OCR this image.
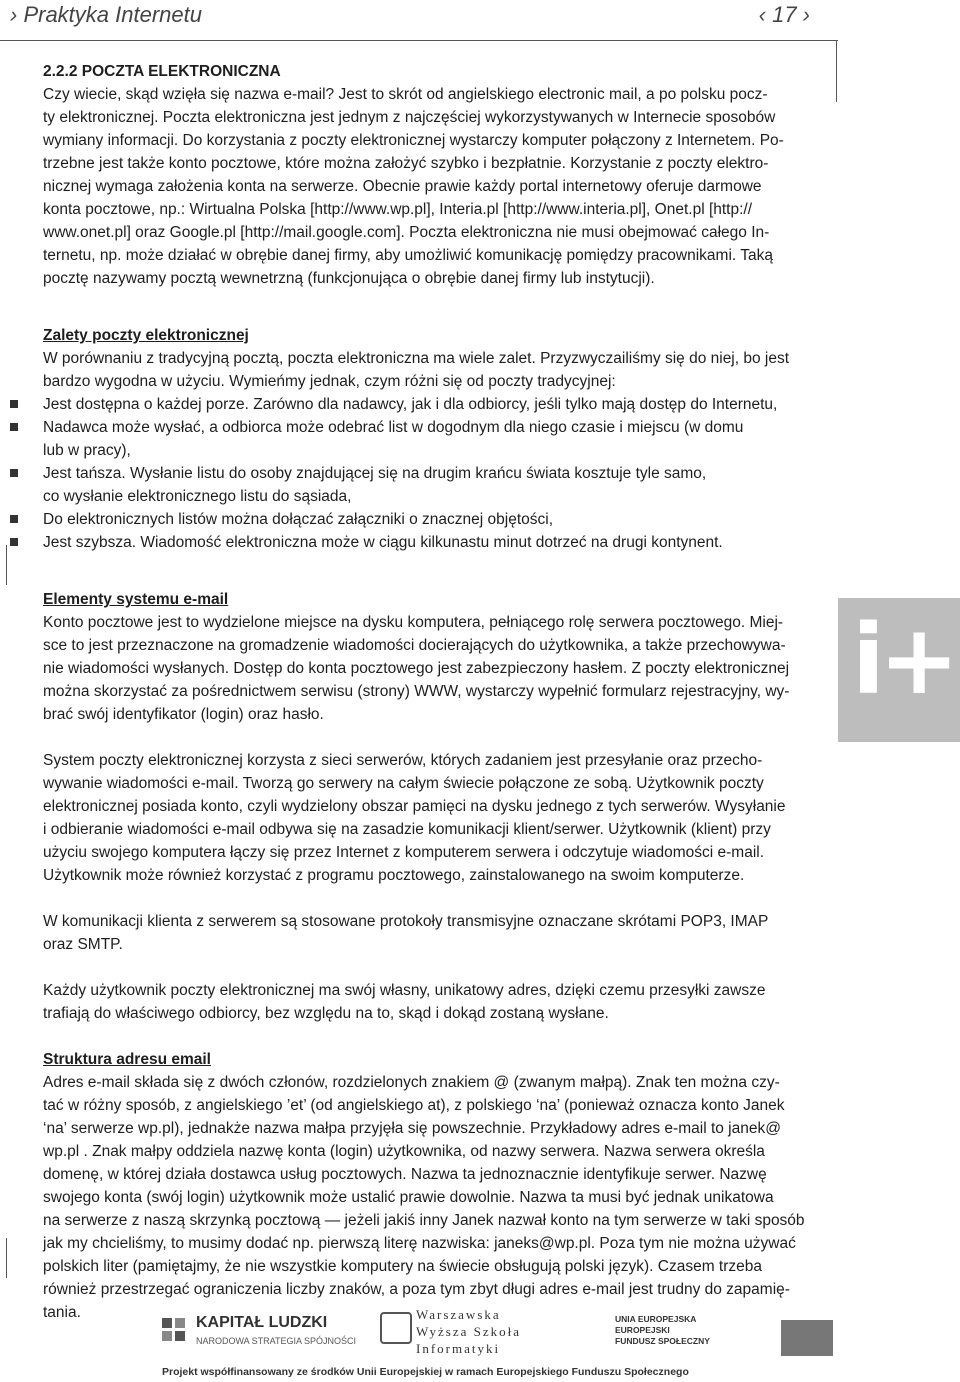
› Praktyka Internetu	‹ 17 ›
2.2.2 POCZTA ELEKTRONICZNA
Czy wiecie, skąd wzięła się nazwa e-mail? Jest to skrót od angielskiego electronic mail, a po polsku pocz-
ty elektronicznej. Poczta elektroniczna jest jednym z najczęściej wykorzystywanych w Internecie sposobów
wymiany informacji. Do korzystania z poczty elektronicznej wystarczy komputer połączony z Internetem. Po-
trzebne jest także konto pocztowe, które można założyć szybko i bezpłatnie. Korzystanie z poczty elektro-
nicznej wymaga założenia konta na serwerze. Obecnie prawie każdy portal internetowy oferuje darmowe
konta pocztowe, np.: Wirtualna Polska [http://www.wp.pl], Interia.pl [http://www.interia.pl], Onet.pl [http://
www.onet.pl] oraz Google.pl [http://mail.google.com]. Poczta elektroniczna nie musi obejmować całego In-
ternetu, np. może działać w obrębie danej firmy, aby umożliwić komunikację pomiędzy pracownikami. Taką
pocztę nazywamy pocztą wewnetrzną (funkcjonująca o obrębie danej firmy lub instytucji).
Zalety poczty elektronicznej
W porównaniu z tradycyjną pocztą, poczta elektroniczna ma wiele zalet. Przyzwyczailiśmy się do niej, bo jest
bardzo wygodna w użyciu. Wymieńmy jednak, czym różni się od poczty tradycyjnej:
Jest dostępna o każdej porze. Zarówno dla nadawcy, jak i dla odbiorcy, jeśli tylko mają dostęp do Internetu,
Nadawca może wysłać, a odbiorca może odebrać list w dogodnym dla niego czasie i miejscu (w domu
lub w pracy),
Jest tańsza. Wysłanie listu do osoby znajdującej się na drugim krańcu świata kosztuje tyle samo,
co wysłanie elektronicznego listu do sąsiada,
Do elektronicznych listów można dołączać załączniki o znacznej objętości,
Jest szybsza. Wiadomość elektroniczna może w ciągu kilkunastu minut dotrzeć na drugi kontynent.
Elementy systemu e-mail
Konto pocztowe jest to wydzielone miejsce na dysku komputera, pełniącego rolę serwera pocztowego. Miej-
sce to jest przeznaczone na gromadzenie wiadomości docierających do użytkownika, a także przechowywa-
nie wiadomości wysłanych. Dostęp do konta pocztowego jest zabezpieczony hasłem. Z poczty elektronicznej
można skorzystać za pośrednictwem serwisu (strony) WWW, wystarczy wypełnić formularz rejestracyjny, wy-
brać swój identyfikator (login) oraz hasło.
System poczty elektronicznej korzysta z sieci serwerów, których zadaniem jest przesyłanie oraz przecho-
wywanie wiadomości e-mail. Tworzą go serwery na całym świecie połączone ze sobą. Użytkownik poczty
elektronicznej posiada konto, czyli wydzielony obszar pamięci na dysku jednego z tych serwerów. Wysyłanie
i odbieranie wiadomości e-mail odbywa się na zasadzie komunikacji klient/serwer. Użytkownik (klient) przy
użyciu swojego komputera łączy się przez Internet z komputerem serwera i odczytuje wiadomości e-mail.
Użytkownik może również korzystać z programu pocztowego, zainstalowanego na swoim komputerze.
W komunikacji klienta z serwerem są stosowane protokoły transmisyjne oznaczane skrótami POP3, IMAP
oraz SMTP.
Każdy użytkownik poczty elektronicznej ma swój własny, unikatowy adres, dzięki czemu przesyłki zawsze
trafiają do właściwego odbiorcy, bez względu na to, skąd i dokąd zostaną wysłane.
Struktura adresu email
Adres e-mail składa się z dwóch członów, rozdzielonych znakiem @ (zwanym małpą). Znak ten można czy-
tać w różny sposób, z angielskiego ’et’ (od angielskiego at), z polskiego ‘na’ (ponieważ oznacza konto Janek
‘na’ serwerze wp.pl), jednakże nazwa małpa przyjęła się powszechnie. Przykładowy adres e-mail to janek@
wp.pl . Znak małpy oddziela nazwę konta (login) użytkownika, od nazwy serwera. Nazwa serwera określa
domenę, w której działa dostawca usług pocztowych. Nazwa ta jednoznacznie identyfikuje serwer. Nazwę
swojego konta (swój login) użytkownik może ustalić prawie dowolnie. Nazwa ta musi być jednak unikatowa
na serwerze z naszą skrzynką pocztową — jeżeli jakiś inny Janek nazwał konto na tym serwerze w taki sposób
jak my chcieliśmy, to musimy dodać np. pierwszą literę nazwiska: janeks@wp.pl. Poza tym nie można używać
polskich liter (pamiętajmy, że nie wszystkie komputery na świecie obsługują polski język). Czasem trzeba
również przestrzegać ograniczenia liczby znaków, a poza tym zbyt długi adres e-mail jest trudny do zapamię-
tania.
i+
KAPITAŁ LUDZKI
NARODOWA STRATEGIA SPÓJNOŚCI
Warszawska
Wyższa Szkoła
Informatyki
UNIA EUROPEJSKA
EUROPEJSKI
FUNDUSZ SPOŁECZNY
Projekt współfinansowany ze środków Unii Europejskiej w ramach Europejskiego Funduszu Społecznego
